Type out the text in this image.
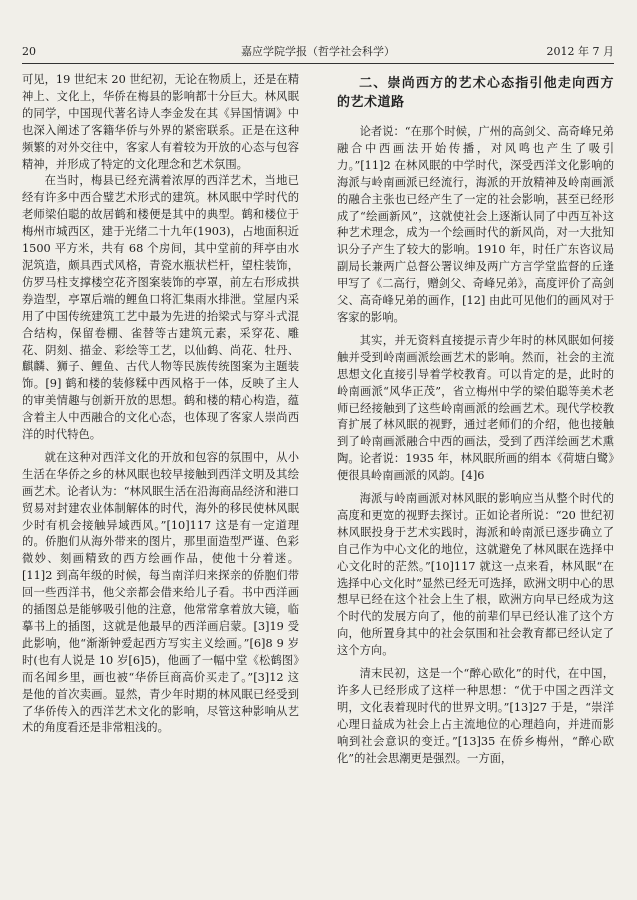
20	嘉应学院学报（哲学社会科学）	2012 年 7 月

可见，19 世纪末 20 世纪初，无论在物质上，还是在精神上、文化上，华侨在梅县的影响都十分巨大。林风眠的同学，中国现代著名诗人李金发在其《异国情调》中也深入阐述了客籍华侨与外界的紧密联系。正是在这种频繁的对外交往中，客家人有着较为开放的心态与包容精神，并形成了特定的文化理念和艺术氛围。

在当时，梅县已经充满着浓厚的西洋艺术，当地已经有许多中西合璧艺术形式的建筑。林风眠中学时代的老师梁伯聪的故居鹤和楼便是其中的典型。鹤和楼位于梅州市城西区，建于光绪二十九年(1903)，占地面积近 1500 平方米，共有 68 个房间，其中堂前的拜亭由水泥筑造，颇具西式风格，青瓷水瓶状栏杆，望柱装饰，仿罗马柱支撑楼空花齐图案装饰的亭罩，前左右形成拱券造型，亭罩后端的鲤鱼口将汇集雨水排泄。堂屋内采用了中国传统建筑工艺中最为先进的抬梁式与穿斗式混合结构，保留卷棚、雀替等古建筑元素，采穿花、雕花、阴刻、描金、彩绘等工艺，以仙鹤、尚花、牡丹、麒麟、狮子、鲤鱼、古代人物等民族传统图案为主题装饰。[9] 鹤和楼的装修糅中西风格于一体，反映了主人的审美情趣与创新开放的思想。鹤和楼的精心构造，蕴含着主人中西融合的文化心态，也体现了客家人崇尚西洋的时代特色。

就在这种对西洋文化的开放和包容的氛围中，从小生活在华侨之乡的林风眠也较早接触到西洋文明及其绘画艺术。论者认为：“林风眠生活在沿海商品经济和港口贸易对封建农业体制解体的时代，海外的移民使林风眠少时有机会接触异域西风。”[10]117 这是有一定道理的。侨胞们从海外带来的图片，那里面造型严谨、色彩微妙、刻画精致的西方绘画作品，使他十分着迷。[11]2 到高年级的时候，每当南洋归来探亲的侨胞们带回一些西洋书，他父亲都会借来给儿子看。书中西洋画的插图总是能够吸引他的注意，他常常拿着放大镜，临摹书上的插图，这就是他最早的西洋画启蒙。[3]19 受此影响，他“渐渐钟爱起西方写实主义绘画。”[6]8 9 岁时(也有人说是 10 岁[6]5)，他画了一幅中堂《松鹤图》而名闻乡里，画也被“华侨巨商高价买走了。”[3]12 这是他的首次卖画。显然，青少年时期的林风眠已经受到了华侨传入的西洋艺术文化的影响，尽管这种影响从艺术的角度看还是非常粗浅的。

二、崇尚西方的艺术心态指引他走向西方的艺术道路

论者说：“在那个时候，广州的高剑父、高奇峰兄弟融合中西画法开始传播，对风鸣也产生了吸引力。”[11]2 在林风眠的中学时代，深受西洋文化影响的海派与岭南画派已经流行，海派的开放精神及岭南画派的融合主张也已经产生了一定的社会影响，甚至已经形成了“绘画新风”，这就使社会上逐渐认同了中西互补这种艺术理念，成为一个绘画时代的新风尚，对一大批知识分子产生了较大的影响。1910 年，时任广东咨议局副局长兼两广总督公署议绅及两广方言学堂监督的丘逢甲写了《二高行，赠剑父、奇峰兄弟》，高度评价了高剑父、高奇峰兄弟的画作，[12] 由此可见他们的画风对于客家的影响。

其实，并无资料直接提示青少年时的林风眠如何接触并受到岭南画派绘画艺术的影响。然而，社会的主流思想文化直接引导着学校教育。可以肯定的是，此时的岭南画派“风华正茂”，省立梅州中学的梁伯聪等美术老师已经接触到了这些岭南画派的绘画艺术。现代学校教育扩展了林风眠的视野，通过老师们的介绍，他也接触到了岭南画派融合中西的画法，受到了西洋绘画艺术熏陶。论者说：1935 年，林风眠所画的绢本《荷塘白鹭》便很具岭南画派的风韵。[4]6

海派与岭南画派对林风眠的影响应当从整个时代的高度和更宽的视野去探讨。正如论者所说：“20 世纪初林风眠投身于艺术实践时，海派和岭南派已逐步确立了自己作为中心文化的地位，这就避免了林风眠在选择中心文化时的茫然。”[10]117 就这一点来看，林风眠“在选择中心文化时”显然已经无可选择，欧洲文明中心的思想早已经在这个社会上生了根，欧洲方向早已经成为这个时代的发展方向了，他的前辈们早已经认准了这个方向，他所置身其中的社会氛围和社会教育都已经认定了这个方向。

清末民初，这是一个“醉心欧化”的时代，在中国，许多人已经形成了这样一种思想：“优于中国之西洋文明，文化表着现时代的世界文明。”[13]27 于是，“崇洋心理日益成为社会上占主流地位的心理趋向，并进而影响到社会意识的变迁。”[13]35 在侨乡梅州，“醉心欧化”的社会思潮更是强烈。一方面，
